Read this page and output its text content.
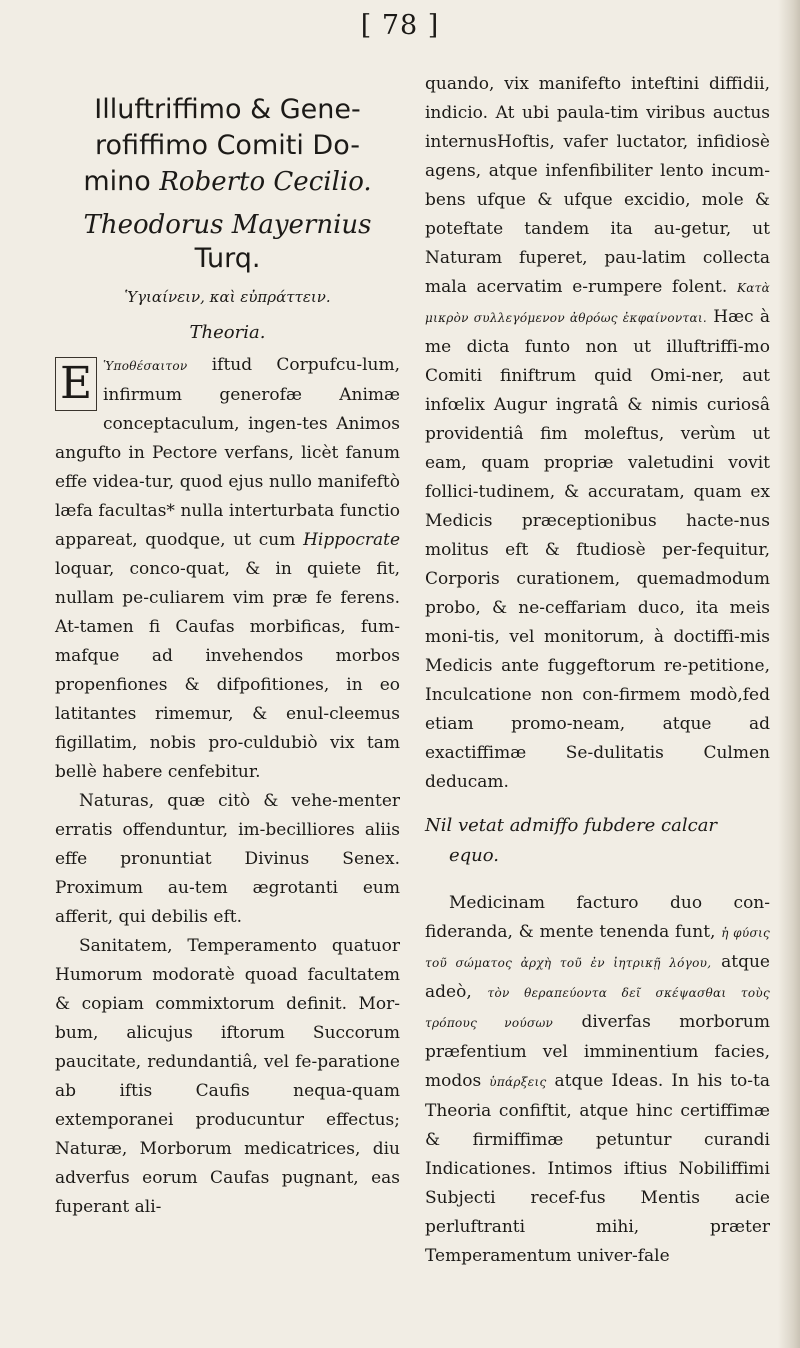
[ 78 ]
Illuftriffimo & Gene-
rofiffimo Comiti Do-
mino Roberto Cecilio.
Theodorus Mayernius
Turq.
Ὑγιαίνειν, καὶ εὐπράττειν.
Theoria.

E Ὑποθέσαιτον iftud Corpufcu-lum, infirmum generofæ Animæ conceptaculum, ingen-tes Animos angufto in Pectore verfans, licèt fanum effe videa-tur, quod ejus nullo manifeftò læfa facultas* nulla interturbata functio appareat, quodque, ut cum Hippocrate loquar, conco-quat, & in quiete fit, nullam pe-culiarem vim præ fe ferens. At-tamen fi Caufas morbificas, fum-mafque ad invehendos morbos propenfiones & difpofitiones, in eo latitantes rimemur, & enul-cleemus figillatim, nobis pro-culdubiò vix tam bellè habere cenfebitur.

Naturas, quæ citò & vehe-menter erratis offenduntur, im-becilliores aliis effe pronuntiat Divinus Senex. Proximum au-tem ægrotanti eum afferit, qui debilis eft.

Sanitatem, Temperamento quatuor Humorum modoratè quoad facultatem & copiam commixtorum definit. Mor-bum, alicujus iftorum Succorum paucitate, redundantiâ, vel fe-paratione ab iftis Caufis nequa-quam extemporanei producuntur effectus; Naturæ, Morborum medicatrices, diu adverfus eorum Caufas pugnant, eas fuperant ali-

quando, vix manifefto inteftini diffidii, indicio. At ubi paula-tim viribus auctus internusHoftis, vafer luctator, infidiosè agens, atque infenfibiliter lento incum-bens ufque & ufque excidio, mole & poteftate tandem ita au-getur, ut Naturam fuperet, pau-latim collecta mala acervatim e-rumpere folent. Κατὰ μικρὸν συλλεγόμενον ἀθρόως ἐκφαίνονται. Hæc à me dicta funto non ut illuftriffi-mo Comiti finiftrum quid Omi-ner, aut infœlix Augur ingratâ & nimis curiosâ providentiâ fim moleftus, verùm ut eam, quam propriæ valetudini vovit follici-tudinem, & accuratam, quam ex Medicis præceptionibus hacte-nus molitus eft & ftudiosè per-fequitur, Corporis curationem, quemadmodum probo, & ne-ceffariam duco, ita meis moni-tis, vel monitorum, à doctiffi-mis Medicis ante fuggeftorum re-petitione, Inculcatione non con-firmem modò,fed etiam promo-neam, atque ad exactiffimæ Se-dulitatis Culmen deducam.

Nil vetat admiffo fubdere calcar
equo.

Medicinam facturo duo con-fideranda, & mente tenenda funt, ἡ φύσις τοῦ σώματος ἀρχὴ τοῦ ἐν ἰητρικῇ λόγου, atque adeò, τὸν θεραπεύοντα δεῖ σκέψασθαι τοὺς τρόπους νούσων diverfas morborum præfentium vel imminentium facies, modos ὑπάρξεις atque Ideas. In his to-ta Theoria confiftit, atque hinc certiffimæ & firmiffimæ petuntur curandi Indicationes. Intimos iftius Nobiliffimi Subjecti recef-fus Mentis acie perluftranti mihi, præter Temperamentum univer-fale
